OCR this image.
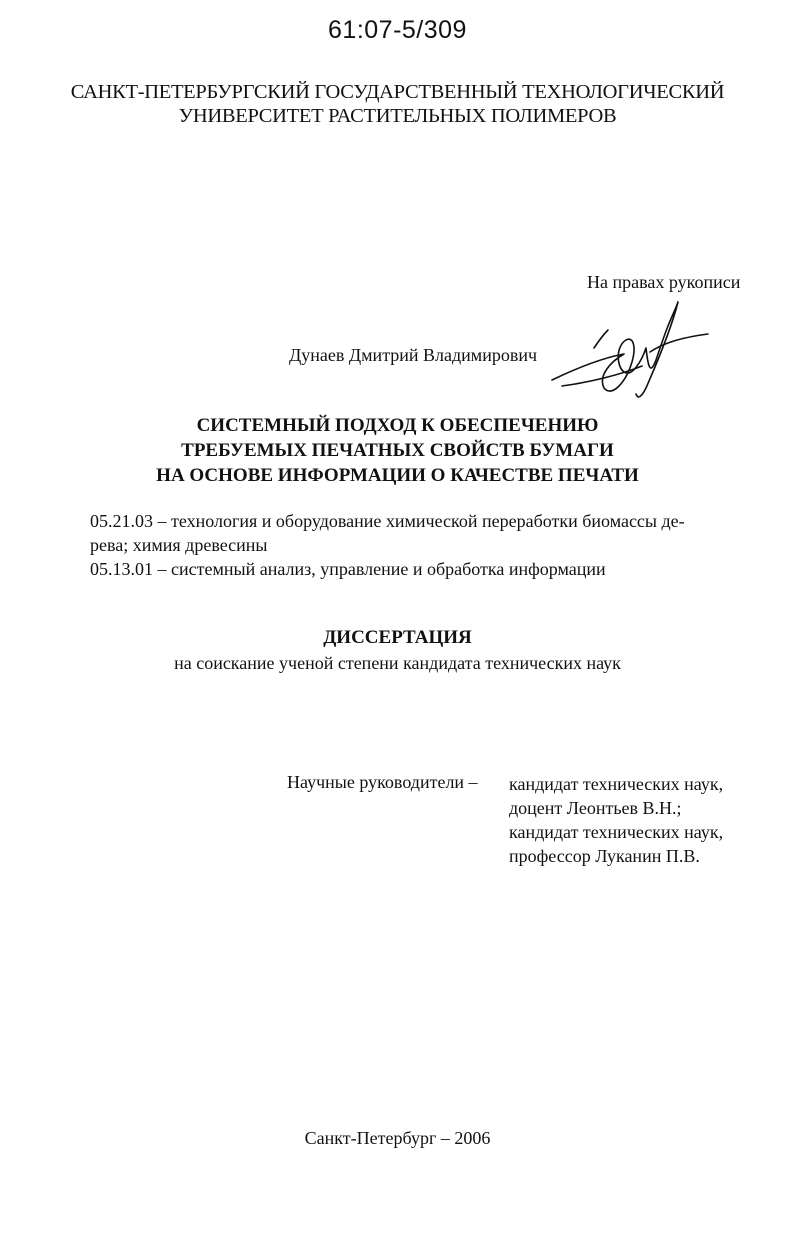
61:07-5/309
САНКТ-ПЕТЕРБУРГСКИЙ ГОСУДАРСТВЕННЫЙ ТЕХНОЛОГИЧЕСКИЙ
УНИВЕРСИТЕТ РАСТИТЕЛЬНЫХ ПОЛИМЕРОВ
На правах рукописи
Дунаев Дмитрий Владимирович
СИСТЕМНЫЙ ПОДХОД К ОБЕСПЕЧЕНИЮ
ТРЕБУЕМЫХ ПЕЧАТНЫХ СВОЙСТВ БУМАГИ
НА ОСНОВЕ ИНФОРМАЦИИ О КАЧЕСТВЕ ПЕЧАТИ
05.21.03 – технология и оборудование химической переработки биомассы де-
рева; химия древесины
05.13.01 – системный анализ, управление и обработка информации
ДИССЕРТАЦИЯ
на соискание ученой степени кандидата технических наук
Научные руководители – кандидат технических наук,
доцент Леонтьев В.Н.;
кандидат технических наук,
профессор Луканин П.В.
Санкт-Петербург – 2006
